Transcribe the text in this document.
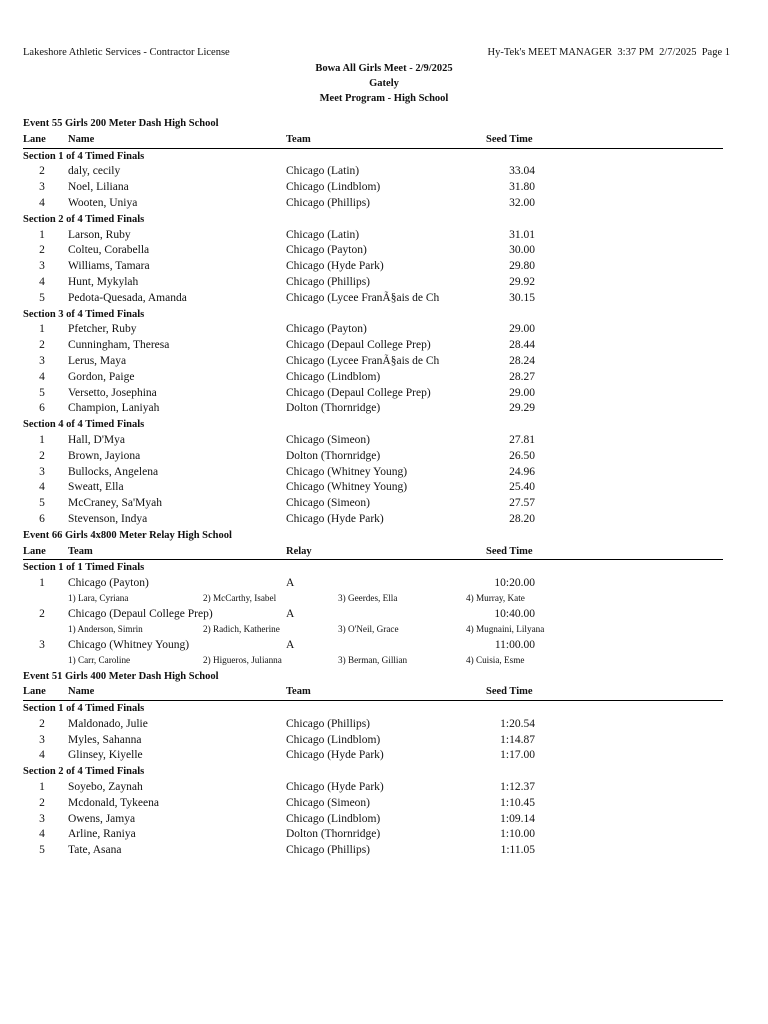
Lakeshore Athletic Services - Contractor License	Hy-Tek's MEET MANAGER  3:37 PM  2/7/2025  Page 1
Bowa All Girls Meet - 2/9/2025
Gately
Meet Program - High School
Event 55 Girls 200 Meter Dash High School
Lane Name	Team	Seed Time
Section 1 of 4 Timed Finals
2	daly, cecily	Chicago (Latin)	33.04
3	Noel, Liliana	Chicago (Lindblom)	31.80
4	Wooten, Uniya	Chicago (Phillips)	32.00
Section 2 of 4 Timed Finals
1	Larson, Ruby	Chicago (Latin)	31.01
2	Colteu, Corabella	Chicago (Payton)	30.00
3	Williams, Tamara	Chicago (Hyde Park)	29.80
4	Hunt, Mykylah	Chicago (Phillips)	29.92
5	Pedota-Quesada, Amanda	Chicago (Lycee FranÃ§ais de Ch	30.15
Section 3 of 4 Timed Finals
1	Pfetcher, Ruby	Chicago (Payton)	29.00
2	Cunningham, Theresa	Chicago (Depaul College Prep)	28.44
3	Lerus, Maya	Chicago (Lycee FranÃ§ais de Ch	28.24
4	Gordon, Paige	Chicago (Lindblom)	28.27
5	Versetto, Josephina	Chicago (Depaul College Prep)	29.00
6	Champion, Laniyah	Dolton (Thornridge)	29.29
Section 4 of 4 Timed Finals
1	Hall, D'Mya	Chicago (Simeon)	27.81
2	Brown, Jayiona	Dolton (Thornridge)	26.50
3	Bullocks, Angelena	Chicago (Whitney Young)	24.96
4	Sweatt, Ella	Chicago (Whitney Young)	25.40
5	McCraney, Sa'Myah	Chicago (Simeon)	27.57
6	Stevenson, Indya	Chicago (Hyde Park)	28.20
Event 66 Girls 4x800 Meter Relay High School
Lane Team	Relay	Seed Time
Section 1 of 1 Timed Finals
1	Chicago (Payton)	A	10:20.00
1) Lara, Cyriana	2) McCarthy, Isabel	3) Geerdes, Ella	4) Murray, Kate
2	Chicago (Depaul College Prep)	A	10:40.00
1) Anderson, Simrin	2) Radich, Katherine	3) O'Neil, Grace	4) Mugnaini, Lilyana
3	Chicago (Whitney Young)	A	11:00.00
1) Carr, Caroline	2) Higueros, Julianna	3) Berman, Gillian	4) Cuisia, Esme
Event 51 Girls 400 Meter Dash High School
Lane Name	Team	Seed Time
Section 1 of 4 Timed Finals
2	Maldonado, Julie	Chicago (Phillips)	1:20.54
3	Myles, Sahanna	Chicago (Lindblom)	1:14.87
4	Glinsey, Kiyelle	Chicago (Hyde Park)	1:17.00
Section 2 of 4 Timed Finals
1	Soyebo, Zaynah	Chicago (Hyde Park)	1:12.37
2	Mcdonald, Tykeena	Chicago (Simeon)	1:10.45
3	Owens, Jamya	Chicago (Lindblom)	1:09.14
4	Arline, Raniya	Dolton (Thornridge)	1:10.00
5	Tate, Asana	Chicago (Phillips)	1:11.05
